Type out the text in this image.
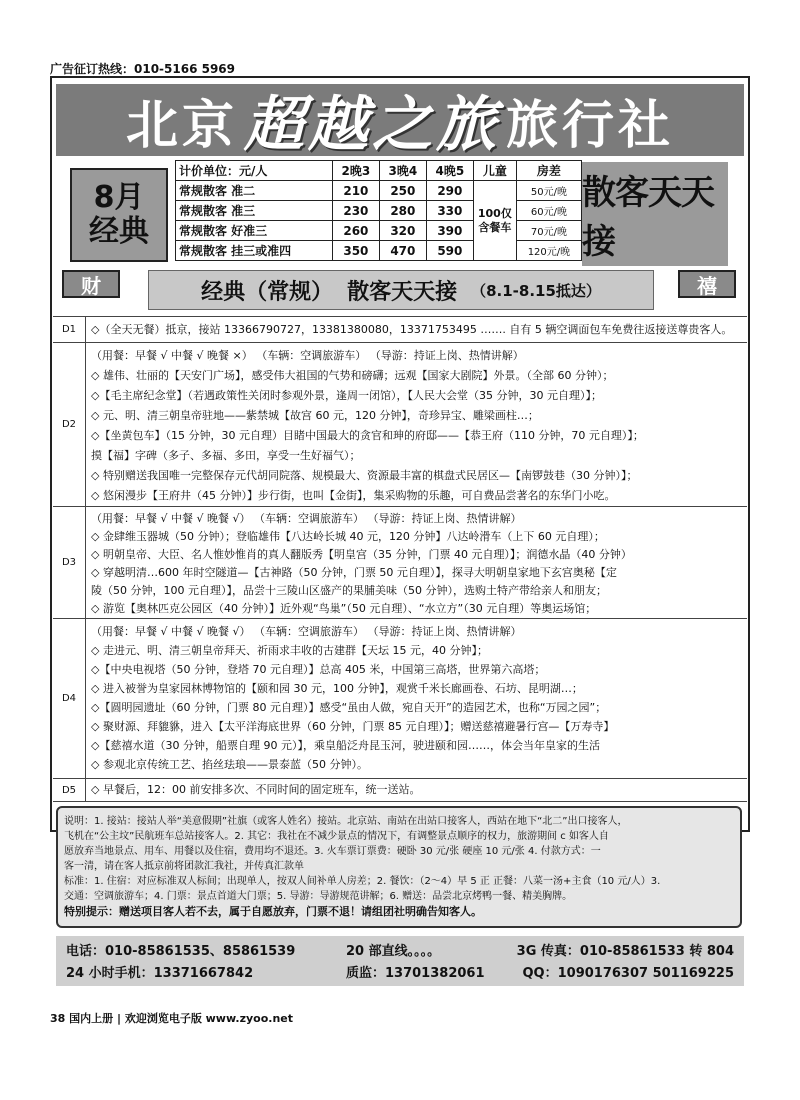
广告征订热线：010-5166 5969
北京 超越之旅 旅行社
8月
经典
计价单位：元/人	2晚3	3晚4	4晚5	儿童	房差
常规散客 准二	210	250	290	100仅含餐车	50元/晚
常规散客 准三	230	280	330		60元/晚
常规散客 好准三	260	320	390		70元/晚
常规散客 挂三或准四	350	470	590		120元/晚
散客天天接
财	经典（常规） 散客天天接 （8.1-8.15抵达）	禧
D1	◇（全天无餐）抵京，接站 13366790727，13381380080，13371753495 ……. 自有 5 辆空调面包车免费往返接送尊贵客人。

D2

（用餐：早餐 √ 中餐 √ 晚餐 ×） （车辆：空调旅游车） （导游：持证上岗、热情讲解）

◇ 雄伟、壮丽的【天安门广场】，感受伟大祖国的气势和磅礴；远观【国家大剧院】外景。（全部 60 分钟）；

◇【毛主席纪念堂】（若遇政策性关闭时参观外景，逢周一闭馆），【人民大会堂（35 分钟，30 元自理）】；

◇ 元、明、清三朝皇帝驻地——紫禁城【故宫 60 元，120 分钟】，奇珍异宝、雕梁画柱…；

◇【坐黄包车】（15 分钟，30 元自理）目睹中国最大的贪官和珅的府邸——【恭王府（110 分钟，70 元自理）】；

摸【福】字碑（多子、多福、多田，享受一生好福气）；

◇ 特别赠送我国唯一完整保存元代胡同院落、规模最大、资源最丰富的棋盘式民居区—【南锣鼓巷（30 分钟）】；

◇ 悠闲漫步【王府井（45 分钟）】步行街，也叫【金街】，集采购物的乐趣，可自费品尝著名的东华门小吃。

D3

（用餐：早餐 √ 中餐 √ 晚餐 √） （车辆：空调旅游车） （导游：持证上岗、热情讲解）

◇ 金肆维玉器城（50 分钟）；登临雄伟【八达岭长城 40 元，120 分钟】八达岭滑车（上下 60 元自理）；

◇ 明朝皇帝、大臣、名人惟妙惟肖的真人翻版秀【明皇宫（35 分钟，门票 40 元自理）】；润德水晶（40 分钟）

◇ 穿越明清…600 年时空隧道—【古神路（50 分钟，门票 50 元自理）】，探寻大明朝皇家地下玄宫奥秘【定

陵（50 分钟，100 元自理）】，品尝十三陵山区盛产的果脯美味（50 分钟），选购土特产带给亲人和朋友；

◇ 游览【奥林匹克公园区（40 分钟）】近外观“鸟巢”（50 元自理）、“水立方”（30 元自理）等奥运场馆；

D4

（用餐：早餐 √ 中餐 √ 晚餐 √） （车辆：空调旅游车） （导游：持证上岗、热情讲解）

◇ 走进元、明、清三朝皇帝拜天、祈雨求丰收的古建群【天坛 15 元，40 分钟】；

◇【中央电视塔（50 分钟，登塔 70 元自理）】总高 405 米，中国第三高塔，世界第六高塔；

◇ 进入被誉为皇家园林博物馆的【颐和园 30 元，100 分钟】，观赏千米长廊画卷、石坊、昆明湖…；

◇【圆明园遗址（60 分钟，门票 80 元自理）】感受“虽由人做，宛自天开”的造园艺术，也称“万园之园”；

◇ 聚财源、拜貔貅，进入【太平洋海底世界（60 分钟，门票 85 元自理）】；赠送慈禧避暑行宫—【万寿寺】

◇【慈禧水道（30 分钟，船票自理 90 元）】，乘皇船泛舟昆玉河，驶进颐和园……，体会当年皇家的生活

◇ 参观北京传统工艺、掐丝珐琅——景泰蓝（50 分钟）。

D5	◇ 早餐后，12：00 前安排多次、不同时间的固定班车，统一送站。

说明：1. 接站：接站人举“美意假期”社旗（或客人姓名）接站。北京站、南站在出站口接客人，西站在地下“北二”出口接客人，

飞机在“公主坟”民航班车总站接客人。2. 其它：我社在不减少景点的情况下，有调整景点顺序的权力，旅游期间 c 如客人自

愿放弃当地景点、用车、用餐以及住宿，费用均不退还。3. 火车票订票费：硬卧 30 元/张 硬座 10 元/张 4. 付款方式：一

客一清，请在客人抵京前将团款汇我社，并传真汇款单

标准：1. 住宿：对应标准双人标间；出现单人，按双人间补单人房差；2. 餐饮：（2～4）早 5 正 正餐：八菜一汤+主食（10 元/人）3.

交通：空调旅游车；4. 门票：景点首道大门票；5. 导游：导游规范讲解；6. 赠送：品尝北京烤鸭一餐、精美胸牌。

特别提示：赠送项目客人若不去，属于自愿放弃，门票不退！请组团社明确告知客人。

电话：010-85861535、85861539	20 部直线。。。。	3G 传真：010-85861533 转 804
24 小时手机：13371667842	质监：13701382061	QQ：1090176307 501169225
38 国内上册 | 欢迎浏览电子版 www.zyoo.net
